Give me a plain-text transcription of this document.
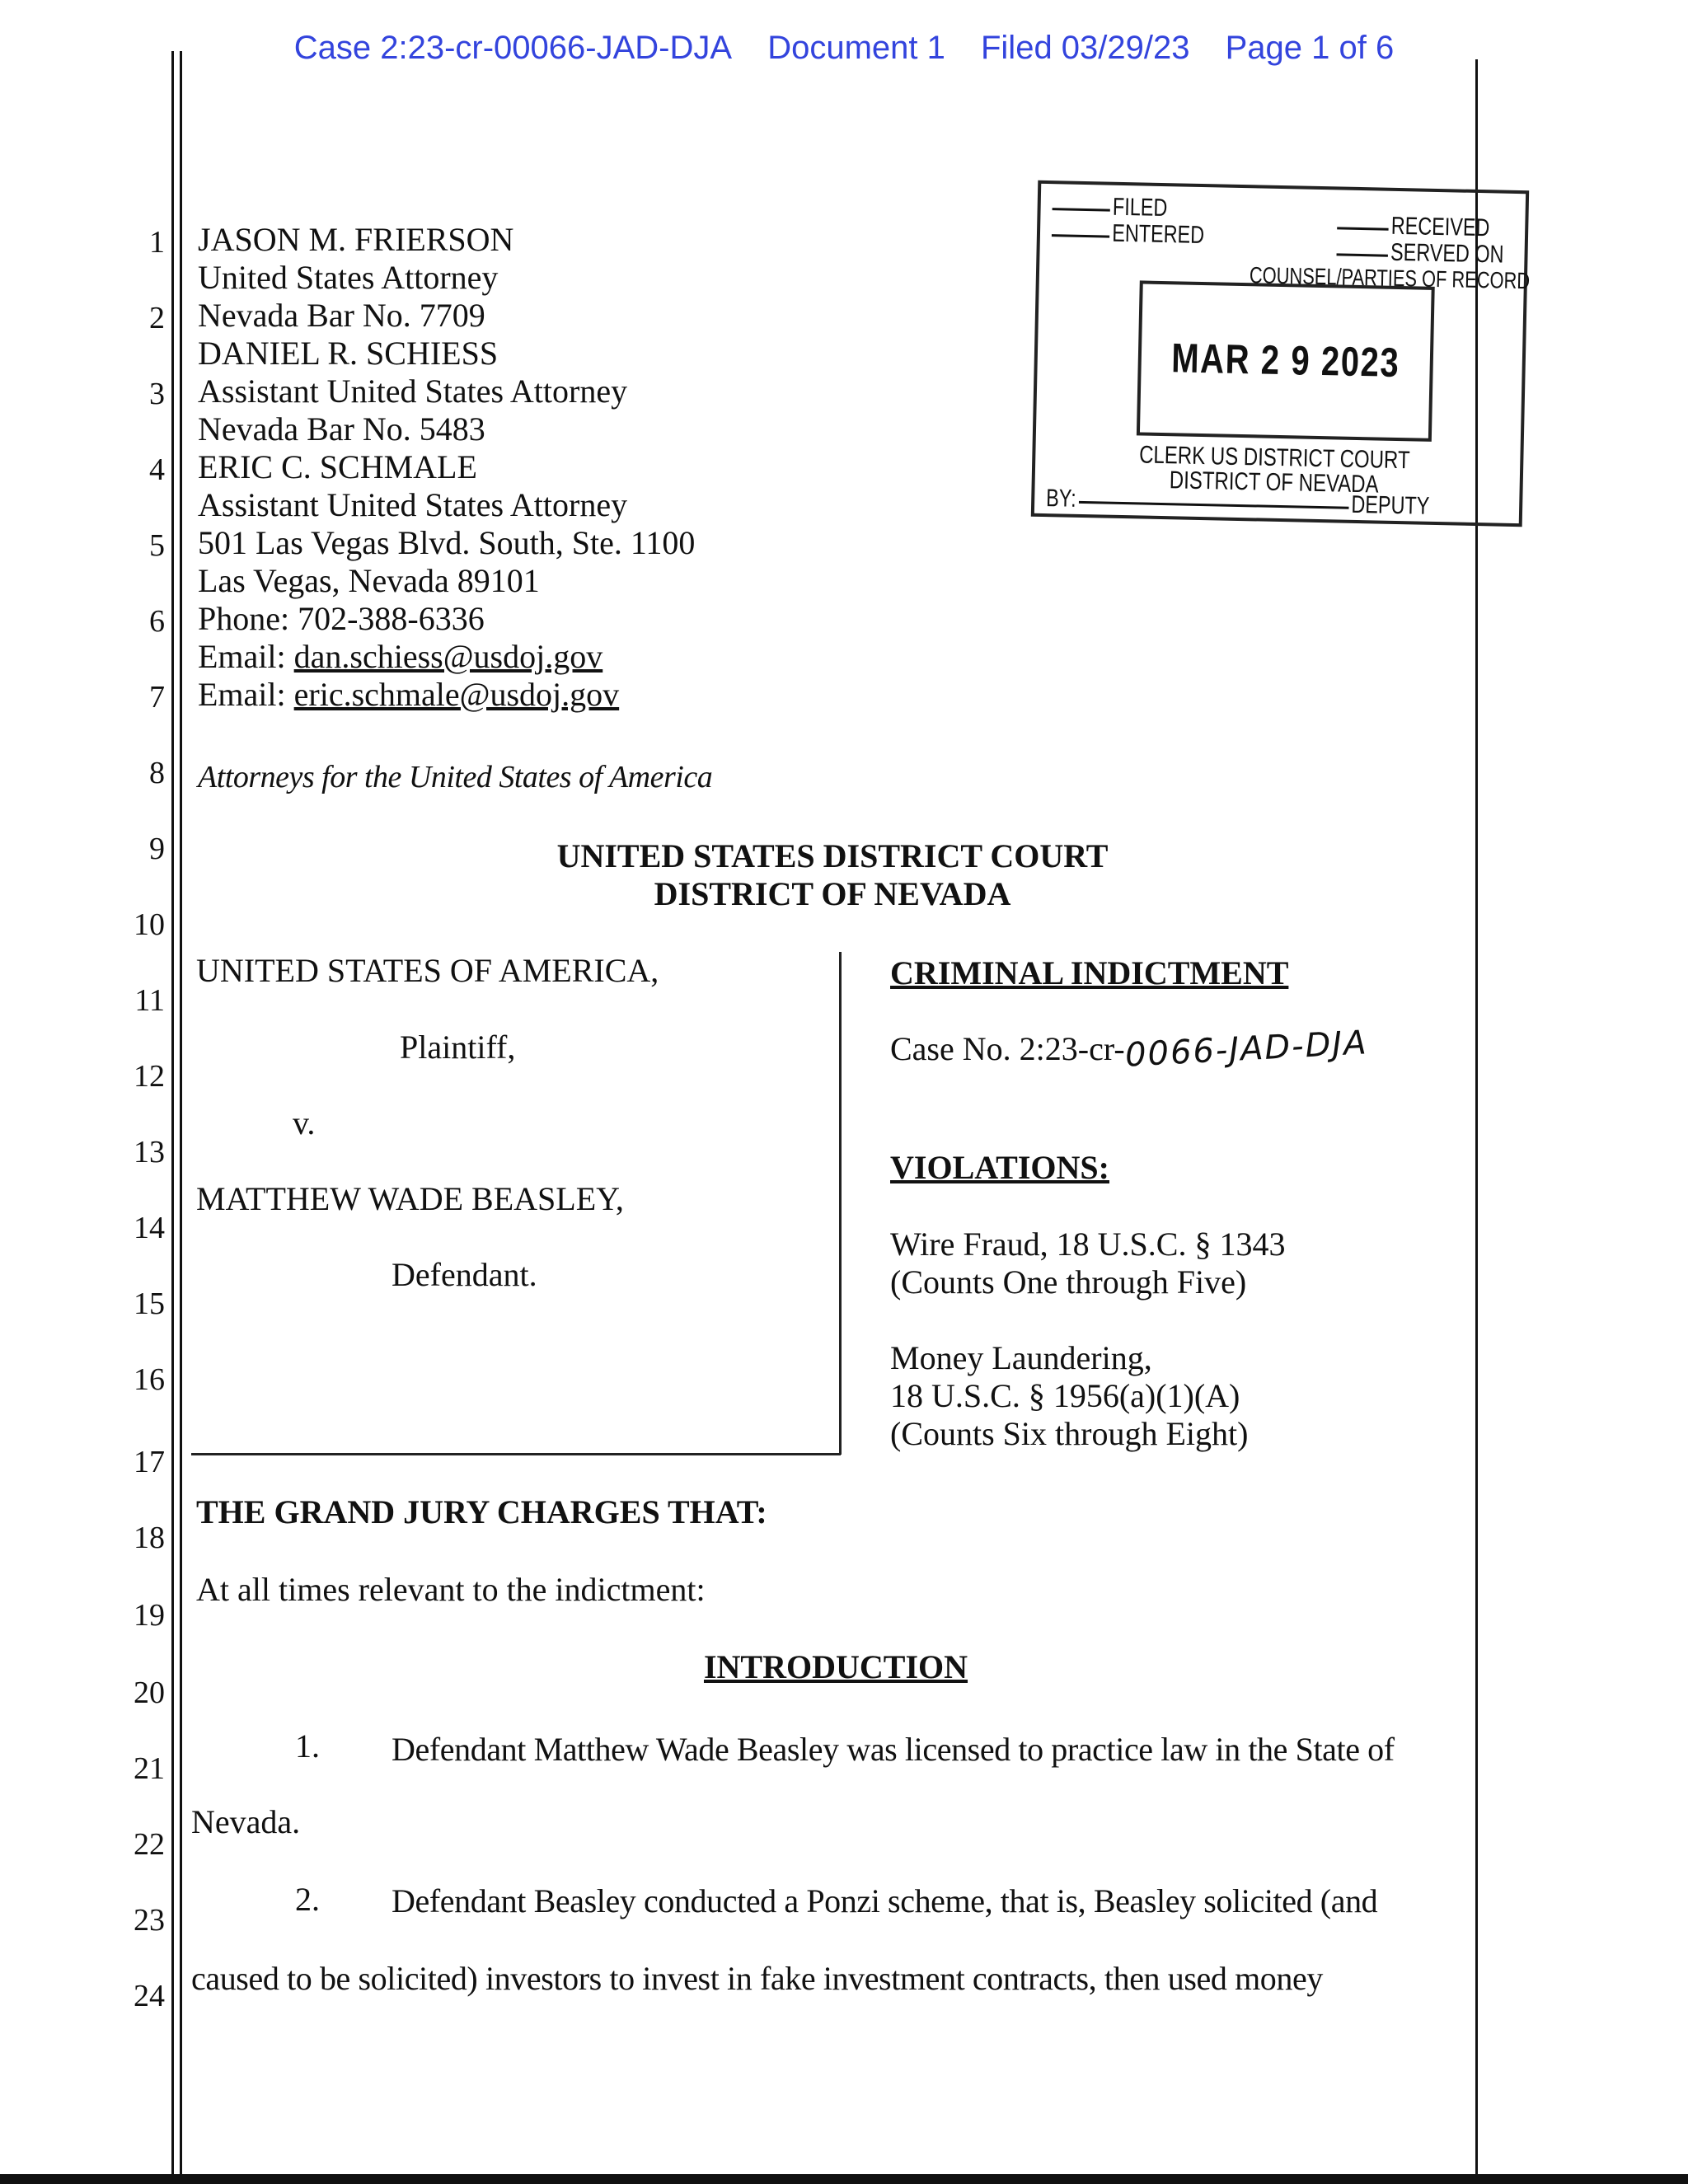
Case 2:23-cr-00066-JAD-DJA Document 1 Filed 03/29/23 Page 1 of 6
1
2
3
4
5
6
7
8
9
10
11
12
13
14
15
16
17
18
19
20
21
22
23
24
JASON M. FRIERSON
United States Attorney
Nevada Bar No. 7709
DANIEL R. SCHIESS
Assistant United States Attorney
Nevada Bar No. 5483
ERIC C. SCHMALE
Assistant United States Attorney
501 Las Vegas Blvd. South, Ste. 1100
Las Vegas, Nevada 89101
Phone: 702-388-6336
Email: dan.schiess@usdoj.gov
Email: eric.schmale@usdoj.gov
Attorneys for the United States of America
FILED
ENTERED	RECEIVED
SERVED ON
COUNSEL/PARTIES OF RECORD
MAR 2 9 2023
CLERK US DISTRICT COURT
DISTRICT OF NEVADA
BY:	DEPUTY
UNITED STATES DISTRICT COURT
DISTRICT OF NEVADA
UNITED STATES OF AMERICA,
Plaintiff,
v.
MATTHEW WADE BEASLEY,
Defendant.
CRIMINAL INDICTMENT
Case No. 2:23-cr-0066-JAD-DJA
VIOLATIONS:
Wire Fraud, 18 U.S.C. § 1343
(Counts One through Five)
Money Laundering,
18 U.S.C. § 1956(a)(1)(A)
(Counts Six through Eight)
THE GRAND JURY CHARGES THAT:
At all times relevant to the indictment:
INTRODUCTION
1. Defendant Matthew Wade Beasley was licensed to practice law in the State of
Nevada.
2. Defendant Beasley conducted a Ponzi scheme, that is, Beasley solicited (and
caused to be solicited) investors to invest in fake investment contracts, then used money
